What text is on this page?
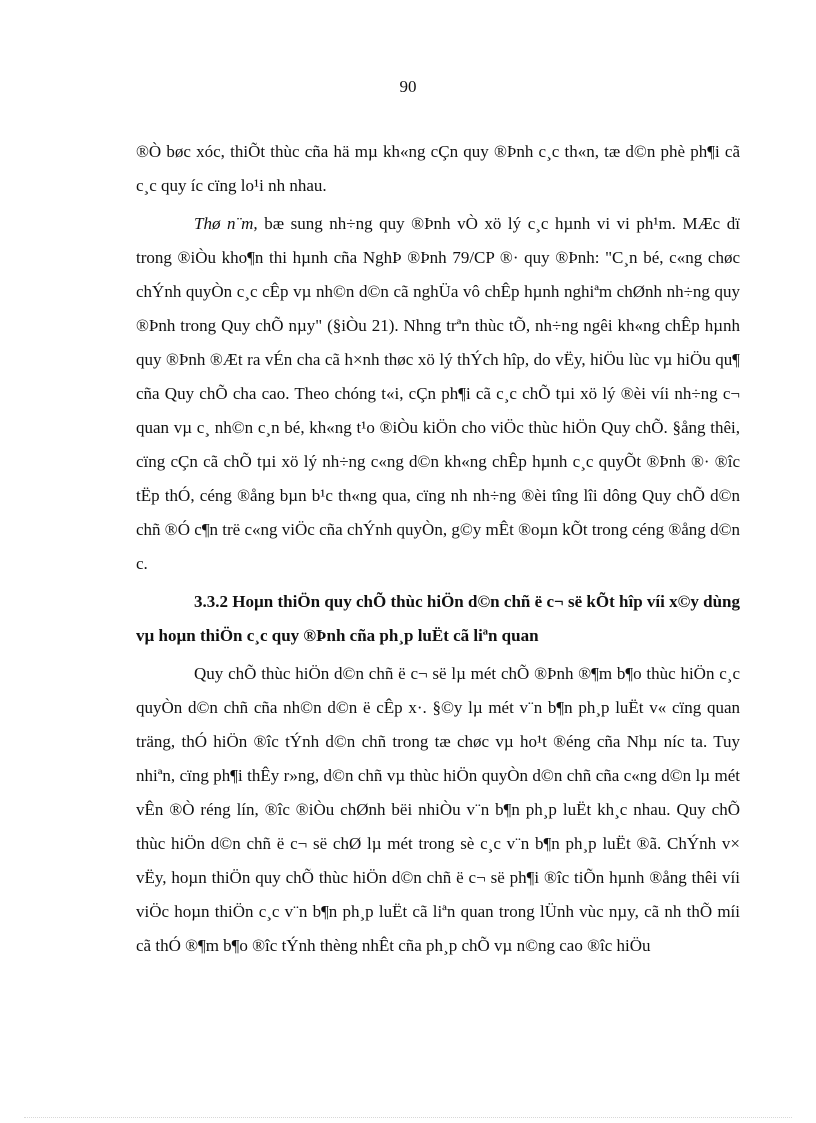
90

®Ò bøc xóc, thiÕt thùc cña hä mµ kh«ng cÇn quy ®Þnh c¸c th«n, tæ d©n phè ph¶i cã c¸c quy íc cïng lo¹i nh nhau.

Thø n¨m, bæ sung nh÷ng quy ®Þnh vÒ xö lý c¸c hµnh vi vi ph¹m. MÆc dï trong ®iÒu kho¶n thi hµnh cña NghÞ ®Þnh 79/CP ®· quy ®Þnh: "C¸n bé, c«ng chøc chÝnh quyÒn c¸c cÊp vµ nh©n d©n cã nghÜa vô chÊp hµnh nghiªm chØnh nh÷ng quy ®Þnh trong Quy chÕ nµy" (§iÒu 21). Nhng trªn thùc tÕ, nh÷ng ngêi kh«ng chÊp hµnh quy ®Þnh ®Æt ra vÉn cha cã h×nh thøc xö lý thÝch hîp, do vËy, hiÖu lùc vµ hiÖu qu¶ cña Quy chÕ cha cao. Theo chóng t«i, cÇn ph¶i cã c¸c chÕ tµi xö lý ®èi víi nh÷ng c¬ quan vµ c¸ nh©n c¸n bé, kh«ng t¹o ®iÒu kiÖn cho viÖc thùc hiÖn Quy chÕ. §ång thêi, cïng cÇn cã chÕ tµi xö lý nh÷ng c«ng d©n kh«ng chÊp hµnh c¸c quyÕt ®Þnh ®· ®îc tËp thÓ, céng ®ång bµn b¹c th«ng qua, cïng nh nh÷ng ®èi tîng lîi dông Quy chÕ d©n chñ ®Ó c¶n trë c«ng viÖc cña chÝnh quyÒn, g©y mÊt ®oµn kÕt trong céng ®ång d©n c.

3.3.2 Hoµn thiÖn quy chÕ thùc hiÖn d©n chñ ë c¬ së kÕt hîp víi x©y dùng vµ hoµn thiÖn c¸c quy ®Þnh cña ph¸p luËt cã liªn quan

Quy chÕ thùc hiÖn d©n chñ ë c¬ së lµ mét chÕ ®Þnh ®¶m b¶o thùc hiÖn c¸c quyÒn d©n chñ cña nh©n d©n ë cÊp x·. §©y lµ mét v¨n b¶n ph¸p luËt v« cïng quan träng, thÓ hiÖn ®îc tÝnh d©n chñ trong tæ chøc vµ ho¹t ®éng cña Nhµ níc ta. Tuy nhiªn, cïng ph¶i thÊy r»ng, d©n chñ vµ thùc hiÖn quyÒn d©n chñ cña c«ng d©n lµ mét vÊn ®Ò réng lín, ®îc ®iÒu chØnh bëi nhiÒu v¨n b¶n ph¸p luËt kh¸c nhau. Quy chÕ thùc hiÖn d©n chñ ë c¬ së chØ lµ mét trong sè c¸c v¨n b¶n ph¸p luËt ®ã. ChÝnh v× vËy, hoµn thiÖn quy chÕ thùc hiÖn d©n chñ ë c¬ së ph¶i ®îc tiÕn hµnh ®ång thêi víi viÖc hoµn thiÖn c¸c v¨n b¶n ph¸p luËt cã liªn quan trong lÜnh vùc nµy, cã nh thÕ míi cã thÓ ®¶m b¶o ®îc tÝnh thèng nhÊt cña ph¸p chÕ vµ n©ng cao ®îc hiÖu
